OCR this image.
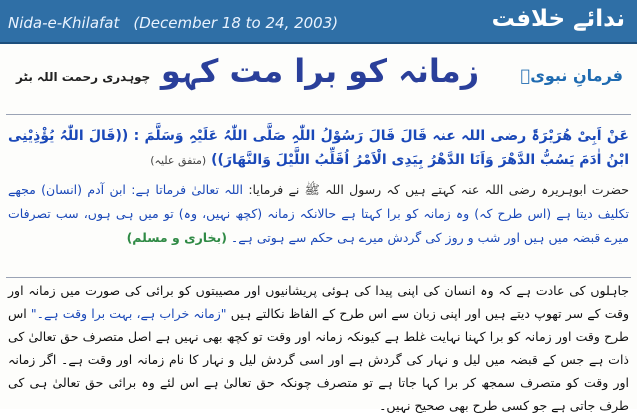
Nida-e-Khilafat (December 18 to 24, 2003)	ندائے خلافت
چوہدری رحمت اللہ بٹر زمانہ کو برا مت کہو	فرمانِ نبویؐ
عَنْ اَبِیْ ھُرَیْرَۃَ رضی اللہ عنہ قَالَ قَالَ رَسُوْلُ اللّٰہِ صَلَّی اللّٰہُ عَلَیْہِ وَسَلَّمَ : ((قَالَ اللّٰہُ یُؤْذِیْنِی ابْنُ اٰدَمَ یَسُبُّ الدَّھْرَ وَاَنَا الدَّھْرُ بِیَدِی الْاَمْرُ اُقَلِّبُ اللَّیْلَ وَالنَّھَارَ)) (متفق علیہ)
حضرت ابوہریرہ رضی اللہ عنہ کہتے ہیں کہ رسول اللہ ﷺ نے فرمایا: اللہ تعالیٰ فرماتا ہے: ابن آدم (انسان) مجھے تکلیف دیتا ہے (اس طرح کہ) وہ زمانہ کو برا کہتا ہے حالانکہ زمانہ (کچھ نہیں، وہ) تو میں ہی ہوں، سب تصرفات میرے قبضہ میں ہیں اور شب و روز کی گردش میرے ہی حکم سے ہوتی ہے۔ (بخاری و مسلم)
جاہلوں کی عادت ہے کہ وہ انسان کی اپنی پیدا کی ہوئی پریشانیوں اور مصیبتوں کو برائی کی صورت میں زمانہ اور وقت کے سر تھوپ دیتے ہیں اور اپنی زبان سے اس طرح کے الفاظ نکالتے ہیں "زمانہ خراب ہے، بہت برا وقت ہے۔" اس طرح وقت اور زمانہ کو برا کہنا نہایت غلط ہے کیونکہ زمانہ اور وقت تو کچھ بھی نہیں ہے اصل متصرف حق تعالیٰ کی ذات ہے جس کے قبضہ میں لیل و نہار کی گردش ہے اور اسی گردش لیل و نہار کا نام زمانہ اور وقت ہے۔ اگر زمانہ اور وقت کو متصرف سمجھ کر برا کہا جاتا ہے تو متصرف چونکہ حق تعالیٰ ہے اس لئے وہ برائی حق تعالیٰ ہی کی طرف جاتی ہے جو کسی طرح بھی صحیح نہیں۔
